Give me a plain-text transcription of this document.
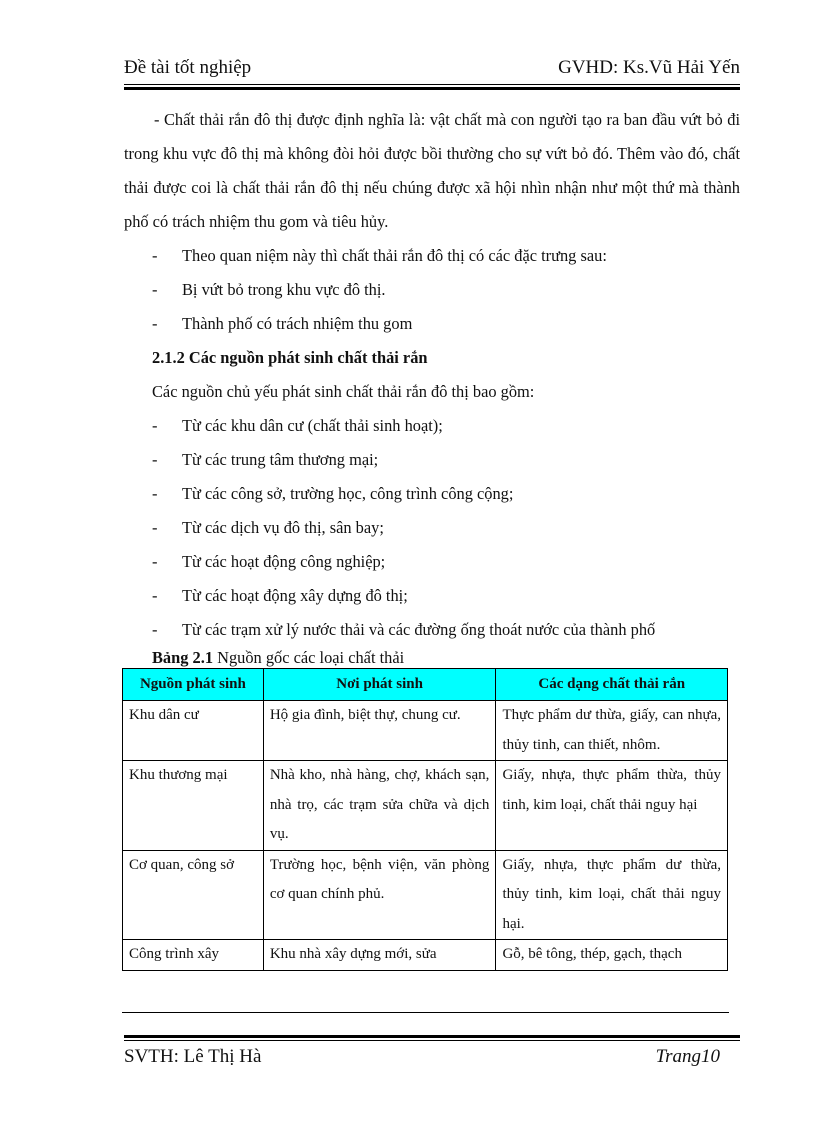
Đề tài tốt nghiệp	GVHD: Ks.Vũ Hải Yến

- Chất thải rắn đô thị được định nghĩa là: vật chất mà con người tạo ra ban đầu vứt bỏ đi trong khu vực đô thị mà không đòi hỏi được bồi thường cho sự vứt bỏ đó. Thêm vào đó, chất thải được coi là chất thải rắn đô thị nếu chúng được xã hội nhìn nhận như một thứ mà thành phố có trách nhiệm thu gom và tiêu hủy.

-	Theo quan niệm này thì chất thải rắn đô thị có các đặc trưng sau:
-	Bị vứt bỏ trong khu vực đô thị.
-	Thành phố có trách nhiệm thu gom

2.1.2 Các nguồn phát sinh chất thải rắn

Các nguồn chủ yếu phát sinh chất thải rắn đô thị bao gồm:

-	Từ các khu dân cư (chất thải sinh hoạt);
-	Từ các trung tâm thương mại;
-	Từ các công sở, trường học, công trình công cộng;
-	Từ các dịch vụ đô thị, sân bay;
-	Từ các hoạt động công nghiệp;
-	Từ các hoạt động xây dựng đô thị;
-	Từ các trạm xử lý nước thải và các đường ống thoát nước của thành phố
Bảng 2.1 Nguồn gốc các loại chất thải
Nguồn phát sinh	Nơi phát sinh	Các dạng chất thải rắn
Khu dân cư	Hộ gia đình, biệt thự, chung cư.	Thực phẩm dư thừa, giấy, can nhựa, thủy tinh, can thiết, nhôm.
Khu thương mại	Nhà kho, nhà hàng, chợ, khách sạn, nhà trọ, các trạm sửa chữa và dịch vụ.	Giấy, nhựa, thực phẩm thừa, thủy tinh, kim loại, chất thải nguy hại
Cơ quan, công sở	Trường học, bệnh viện, văn phòng cơ quan chính phủ.	Giấy, nhựa, thực phẩm dư thừa, thủy tinh, kim loại, chất thải nguy hại.
Công trình xây	Khu nhà xây dựng mới, sửa	Gỗ, bê tông, thép, gạch, thạch
SVTH: Lê Thị Hà	Trang10
